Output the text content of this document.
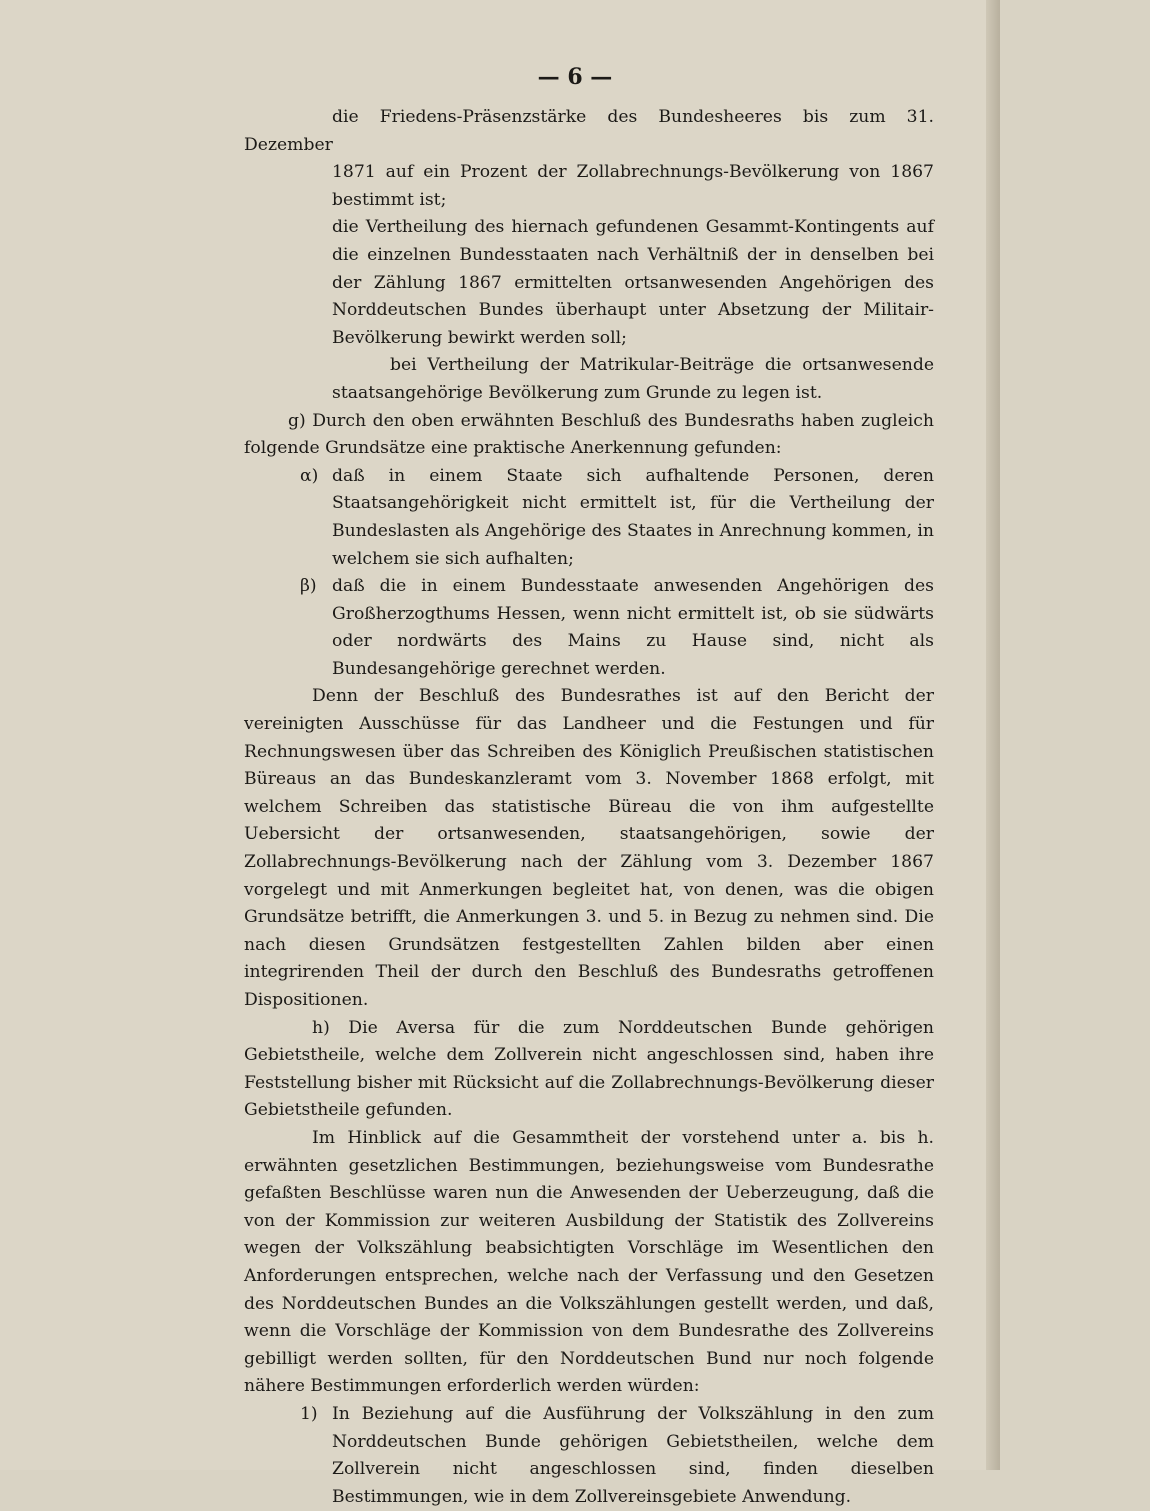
— 6 —

die Friedens-Präsenzstärke des Bundesheeres bis zum 31. Dezember

1871 auf ein Prozent der Zollabrechnungs-Bevölkerung von 1867 bestimmt ist;

die Vertheilung des hiernach gefundenen Gesammt-Kontingents auf die einzelnen Bundesstaaten nach Verhältniß der in denselben bei der Zählung 1867 ermittelten ortsanwesenden Angehörigen des Norddeutschen Bundes überhaupt unter Absetzung der Militair-Bevölkerung bewirkt werden soll;

bei Vertheilung der Matrikular-Beiträge die ortsanwesende staatsangehörige Bevölkerung zum Grunde zu legen ist.

g) Durch den oben erwähnten Beschluß des Bundesraths haben zugleich folgende Grundsätze eine praktische Anerkennung gefunden:

α) daß in einem Staate sich aufhaltende Personen, deren Staatsangehörigkeit nicht ermittelt ist, für die Vertheilung der Bundeslasten als Angehörige des Staates in Anrechnung kommen, in welchem sie sich aufhalten;

β) daß die in einem Bundesstaate anwesenden Angehörigen des Großherzogthums Hessen, wenn nicht ermittelt ist, ob sie südwärts oder nordwärts des Mains zu Hause sind, nicht als Bundesangehörige gerechnet werden.

Denn der Beschluß des Bundesrathes ist auf den Bericht der vereinigten Ausschüsse für das Landheer und die Festungen und für Rechnungswesen über das Schreiben des Königlich Preußischen statistischen Büreaus an das Bundeskanzleramt vom 3. November 1868 erfolgt, mit welchem Schreiben das statistische Büreau die von ihm aufgestellte Uebersicht der ortsanwesenden, staatsangehörigen, sowie der Zollabrechnungs-Bevölkerung nach der Zählung vom 3. Dezember 1867 vorgelegt und mit Anmerkungen begleitet hat, von denen, was die obigen Grundsätze betrifft, die Anmerkungen 3. und 5. in Bezug zu nehmen sind. Die nach diesen Grundsätzen festgestellten Zahlen bilden aber einen integrirenden Theil der durch den Beschluß des Bundesraths getroffenen Dispositionen.

h) Die Aversa für die zum Norddeutschen Bunde gehörigen Gebietstheile, welche dem Zollverein nicht angeschlossen sind, haben ihre Feststellung bisher mit Rücksicht auf die Zollabrechnungs-Bevölkerung dieser Gebietstheile gefunden.

Im Hinblick auf die Gesammtheit der vorstehend unter a. bis h. erwähnten gesetzlichen Bestimmungen, beziehungsweise vom Bundesrathe gefaßten Beschlüsse waren nun die Anwesenden der Ueberzeugung, daß die von der Kommission zur weiteren Ausbildung der Statistik des Zollvereins wegen der Volkszählung beabsichtigten Vorschläge im Wesentlichen den Anforderungen entsprechen, welche nach der Verfassung und den Gesetzen des Norddeutschen Bundes an die Volkszählungen gestellt werden, und daß, wenn die Vorschläge der Kommission von dem Bundesrathe des Zollvereins gebilligt werden sollten, für den Norddeutschen Bund nur noch folgende nähere Bestimmungen erforderlich werden würden:

1) In Beziehung auf die Ausführung der Volkszählung in den zum Norddeutschen Bunde gehörigen Gebietstheilen, welche dem Zollverein nicht angeschlossen sind, finden dieselben Bestimmungen, wie in dem Zollvereinsgebiete Anwendung.
